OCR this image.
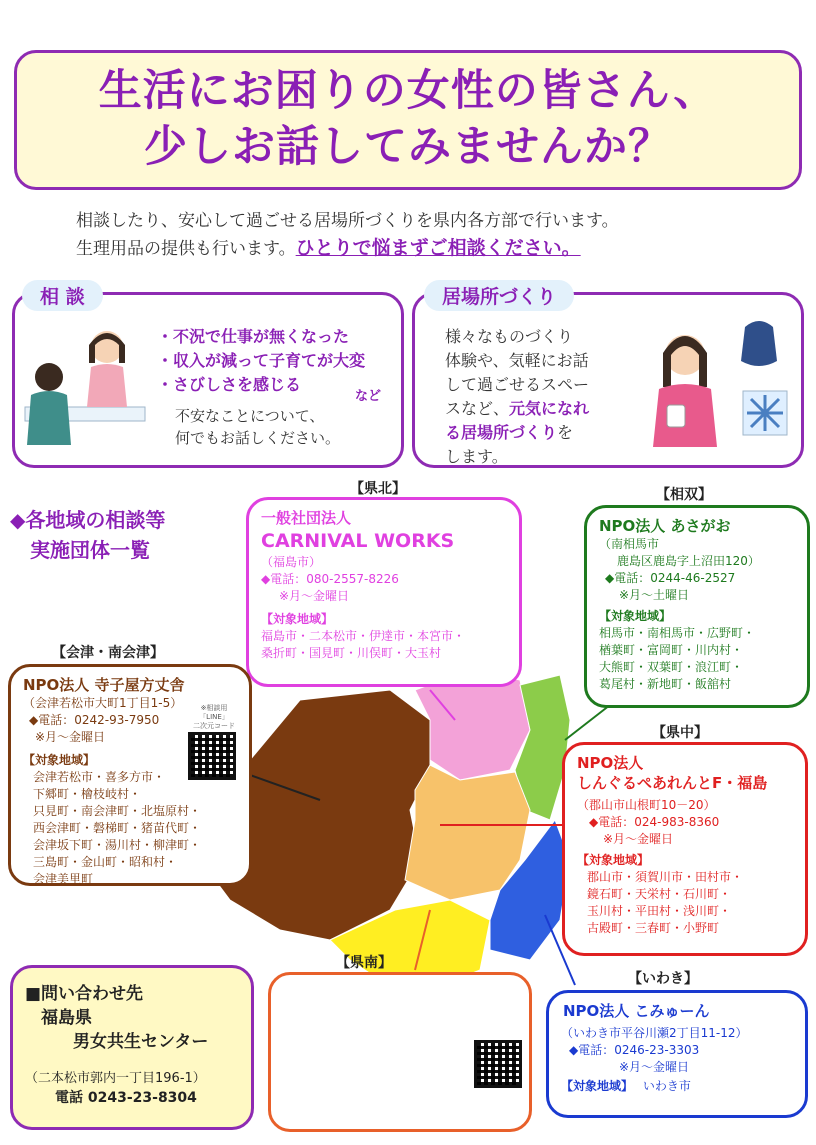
生活にお困りの女性の皆さん、
少しお話してみませんか？
相談したり、安心して過ごせる居場所づくりを県内各方部で行います。
生理用品の提供も行います。ひとりで悩まずご相談ください。
・不況で仕事が無くなった
・収入が減って子育てが大変
・さびしさを感じる
など
不安なことについて、
何でもお話しください。
相 談
様々なものづくり
体験や、気軽にお話
して過ごせるスペー
スなど、元気になれ
る居場所づくりを
します。
居場所づくり
◆各地域の相談等
　実施団体一覧
【県北】	【相双】
【会津・南会津】
【県中】
【県南】
【いわき】
一般社団法人
CARNIVAL WORKS
（福島市）
◆電話：080-2557-8226
※月～金曜日
【対象地域】
福島市・二本松市・伊達市・本宮市・
桑折町・国見町・川俣町・大玉村
NPO法人 あさがお
（南相馬市
鹿島区鹿島字上沼田120）
◆電話：0244-46-2527
※月～土曜日
【対象地域】
相馬市・南相馬市・広野町・
楢葉町・富岡町・川内村・
大熊町・双葉町・浪江町・
葛尾村・新地町・飯舘村
NPO法人 寺子屋方丈舎
（会津若松市大町1丁目1-5）
◆電話：0242-93-7950
※月～金曜日
【対象地域】
会津若松市・喜多方市・
下郷町・檜枝岐村・
只見町・南会津町・北塩原村・
西会津町・磐梯町・猪苗代町・
会津坂下町・湯川村・柳津町・
三島町・金山町・昭和村・
会津美里町
※相談用
「LINE」
二次元コード
NPO法人
しんぐるぺあれんとF・福島
（郡山市山根町10－20）
◆電話：024-983-8360
※月～金曜日
【対象地域】
郡山市・須賀川市・田村市・
鏡石町・天栄村・石川町・
玉川村・平田村・浅川町・
古殿町・三春町・小野町
NPO法人 こみゅーん
（いわき市平谷川瀬2丁目11-12）
◆電話：0246-23-3303
※月～金曜日
【対象地域】 いわき市
■問い合わせ先
福島県
男女共生センター
（二本松市郭内一丁目196-1）
電話 0243-23-8304
